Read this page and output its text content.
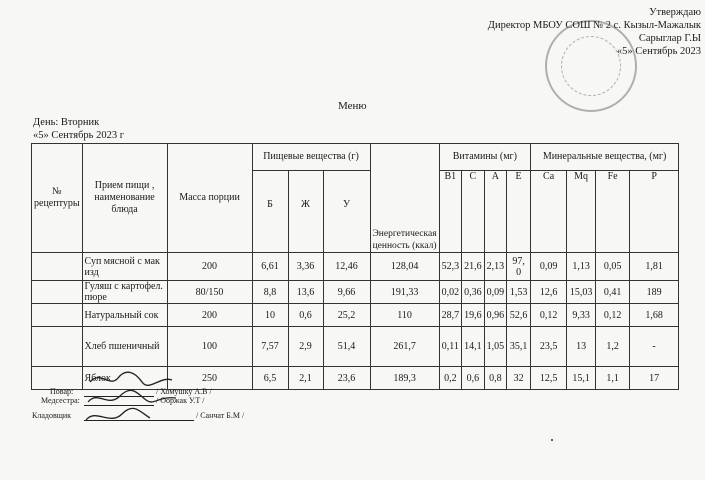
Утверждаю
Директор МБОУ СОШ № 2 с. Кызыл-Мажалык
Сарыглар Г.Ы
«5» Сентябрь 2023
Меню
День: Вторник
«5» Сентябрь 2023 г
№ рецептуры	Прием пищи , наименование блюда	Масса порции	Пищевые вещества (г)			Энергетическая ценность (ккал)	Витамины (мг)				Минеральные вещества, (мг)			
			Б	Ж	У		В1	С	А	Е	Ca	Mq	Fe	P
	Суп мясной с мак изд	200	6,61	3,36	12,46	128,04	52,3	21,6	2,13	97, 0	0,09	1,13	0,05	1,81
	Гуляш с картофел. пюре	80/150	8,8	13,6	9,66	191,33	0,02	0,36	0,09	1,53	12,6	15,03	0,41	189
	Натуральный сок	200	10	0,6	25,2	110	28,7	19,6	0,96	52,6	0,12	9,33	0,12	1,68
	Хлеб пшеничный	100	7,57	2,9	51,4	261,7	0,11	14,1	1,05	35,1	23,5	13	1,2	-
	Яблок	250	6,5	2,1	23,6	189,3	0,2	0,6	0,8	32	12,5	15,1	1,1	17
Повар:	/ Хомушку А.В /
Медсестра:	/ Ооржак У.Т /
Кладовщик	/ Санчат Б.М /
